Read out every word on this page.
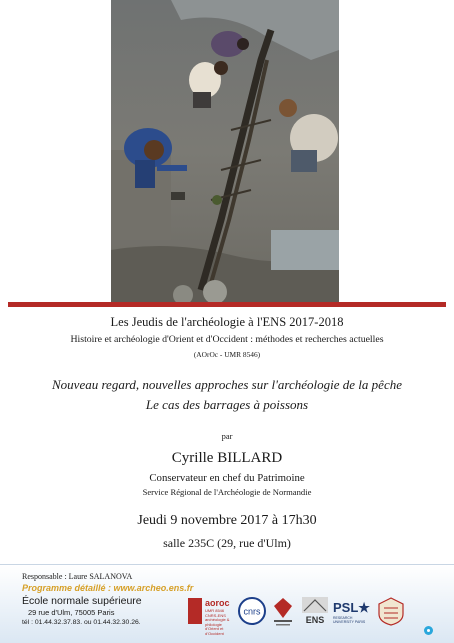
Les Jeudis de l'archéologie à l'ENS 2017-2018
Histoire et archéologie d'Orient et d'Occident : méthodes et recherches actuelles
(AOrOc - UMR 8546)
Nouveau regard, nouvelles approches sur l'archéologie de la pêche
Le cas des barrages à poissons
par
Cyrille BILLARD
Conservateur en chef du Patrimoine
Service Régional de l'Archéologie de Normandie
Jeudi 9 novembre 2017 à 17h30
salle 235C (29, rue d'Ulm)
Responsable : Laure SALANOVA
Programme détaillé : www.archeo.ens.fr
École normale supérieure
29 rue d'Ulm, 75005 Paris
tél : 01.44.32.37.83. ou 01.44.32.30.26.
aoroc
UMR 8546 CNRS-ENS archéologie & philologie d'Orient et d'Occident
cnrs
ENS
PSL★
RESEARCH UNIVERSITY PARIS
